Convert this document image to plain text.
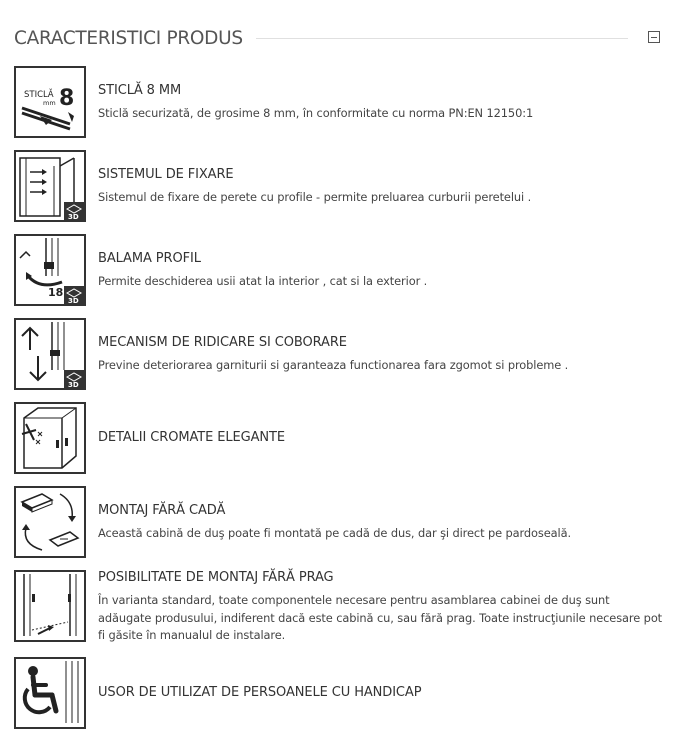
CARACTERISTICI PRODUS
STICLĂ
mm 8 STICLĂ 8 MM
Sticlă securizată, de grosime 8 mm, în conformitate cu norma PN:EN 12150:1
3D
SISTEMUL DE FIXARE
Sistemul de fixare de perete cu profile - permite preluarea curburii peretelui .
18
3D
BALAMA PROFIL
Permite deschiderea usii atat la interior , cat si la exterior .
3D
MECANISM DE RIDICARE SI COBORARE
Previne deteriorarea garniturii si garanteaza functionarea fara zgomot si probleme .
DETALII CROMATE ELEGANTE
MONTAJ FĂRĂ CADĂ
Această cabină de duş poate fi montată pe cadă de dus, dar şi direct pe pardoseală.
POSIBILITATE DE MONTAJ FĂRĂ PRAG
În varianta standard, toate componentele necesare pentru asamblarea cabinei de duş sunt adăugate produsului, indiferent dacă este cabină cu, sau fără prag. Toate instrucţiunile necesare pot fi găsite în manualul de instalare.
USOR DE UTILIZAT DE PERSOANELE CU HANDICAP
